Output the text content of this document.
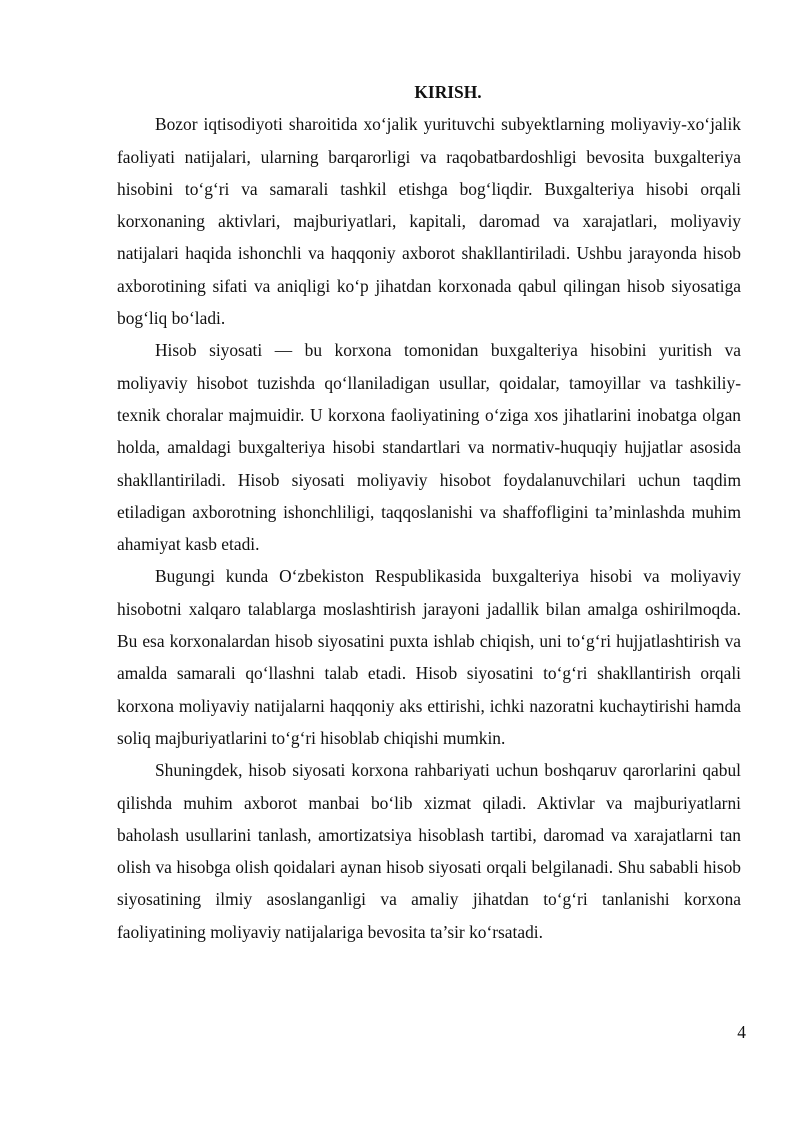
KIRISH.

Bozor iqtisodiyoti sharoitida xo‘jalik yurituvchi subyektlarning moliyaviy-xo‘jalik faoliyati natijalari, ularning barqarorligi va raqobatbardoshligi bevosita buxgalteriya hisobini to‘g‘ri va samarali tashkil etishga bog‘liqdir. Buxgalteriya hisobi orqali korxonaning aktivlari, majburiyatlari, kapitali, daromad va xarajatlari, moliyaviy natijalari haqida ishonchli va haqqoniy axborot shakllantiriladi. Ushbu jarayonda hisob axborotining sifati va aniqligi ko‘p jihatdan korxonada qabul qilingan hisob siyosatiga bog‘liq bo‘ladi.

Hisob siyosati — bu korxona tomonidan buxgalteriya hisobini yuritish va moliyaviy hisobot tuzishda qo‘llaniladigan usullar, qoidalar, tamoyillar va tashkiliy-texnik choralar majmuidir. U korxona faoliyatining o‘ziga xos jihatlarini inobatga olgan holda, amaldagi buxgalteriya hisobi standartlari va normativ-huquqiy hujjatlar asosida shakllantiriladi. Hisob siyosati moliyaviy hisobot foydalanuvchilari uchun taqdim etiladigan axborotning ishonchliligi, taqqoslanishi va shaffofligini ta’minlashda muhim ahamiyat kasb etadi.

Bugungi kunda O‘zbekiston Respublikasida buxgalteriya hisobi va moliyaviy hisobotni xalqaro talablarga moslashtirish jarayoni jadallik bilan amalga oshirilmoqda. Bu esa korxonalardan hisob siyosatini puxta ishlab chiqish, uni to‘g‘ri hujjatlashtirish va amalda samarali qo‘llashni talab etadi. Hisob siyosatini to‘g‘ri shakllantirish orqali korxona moliyaviy natijalarni haqqoniy aks ettirishi, ichki nazoratni kuchaytirishi hamda soliq majburiyatlarini to‘g‘ri hisoblab chiqishi mumkin.

Shuningdek, hisob siyosati korxona rahbariyati uchun boshqaruv qarorlarini qabul qilishda muhim axborot manbai bo‘lib xizmat qiladi. Aktivlar va majburiyatlarni baholash usullarini tanlash, amortizatsiya hisoblash tartibi, daromad va xarajatlarni tan olish va hisobga olish qoidalari aynan hisob siyosati orqali belgilanadi. Shu sababli hisob siyosatining ilmiy asoslanganligi va amaliy jihatdan to‘g‘ri tanlanishi korxona faoliyatining moliyaviy natijalariga bevosita ta’sir ko‘rsatadi.

4
